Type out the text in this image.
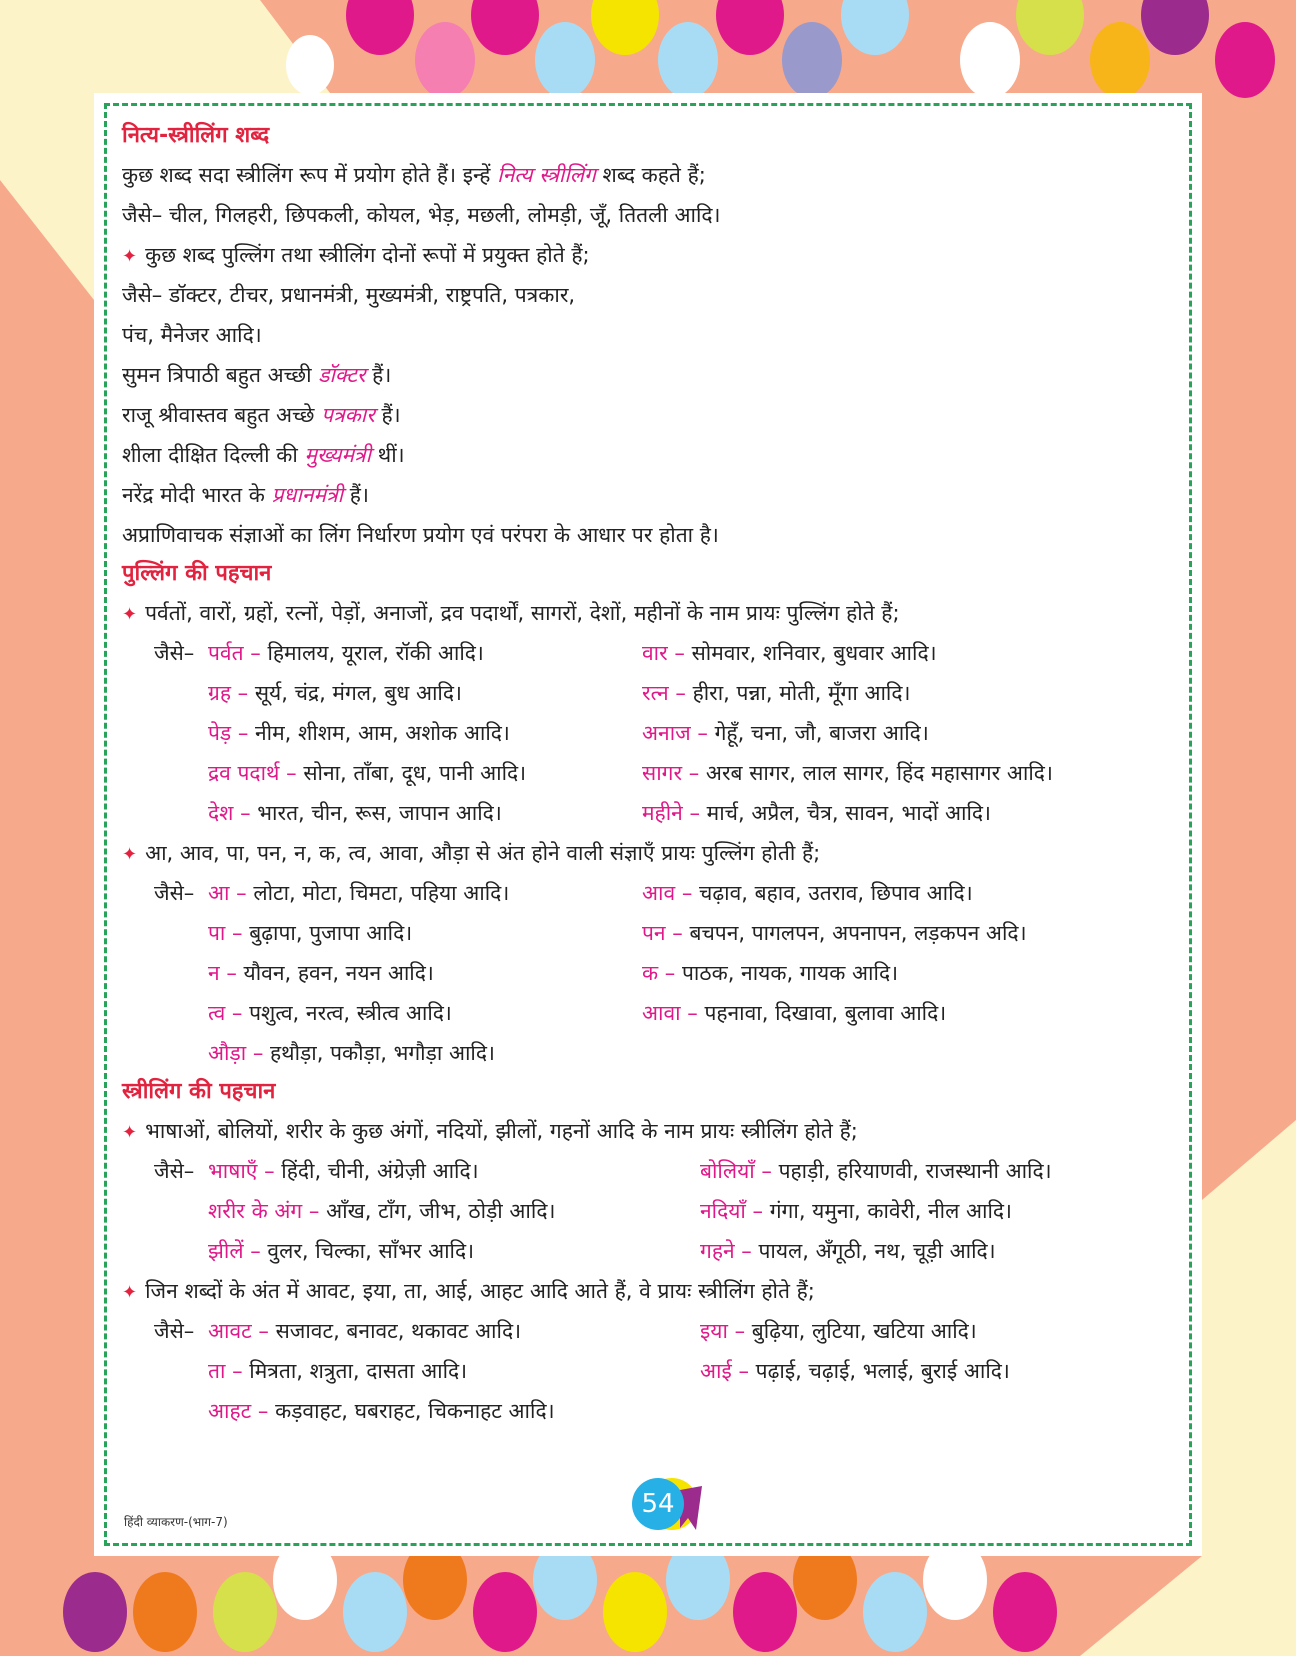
नित्य-स्त्रीलिंग शब्द
कुछ शब्द सदा स्त्रीलिंग रूप में प्रयोग होते हैं। इन्हें नित्य स्त्रीलिंग शब्द कहते हैं;
जैसे– चील, गिलहरी, छिपकली, कोयल, भेड़, मछली, लोमड़ी, जूँ, तितली आदि।
✦ कुछ शब्द पुल्लिंग तथा स्त्रीलिंग दोनों रूपों में प्रयुक्त होते हैं;
जैसे– डॉक्टर, टीचर, प्रधानमंत्री, मुख्यमंत्री, राष्ट्रपति, पत्रकार,
पंच, मैनेजर आदि।
सुमन त्रिपाठी बहुत अच्छी डॉक्टर हैं।
राजू श्रीवास्तव बहुत अच्छे पत्रकार हैं।
शीला दीक्षित दिल्ली की मुख्यमंत्री थीं।
नरेंद्र मोदी भारत के प्रधानमंत्री हैं।
अप्राणिवाचक संज्ञाओं का लिंग निर्धारण प्रयोग एवं परंपरा के आधार पर होता है।
पुल्लिंग की पहचान
✦ पर्वतों, वारों, ग्रहों, रत्नों, पेड़ों, अनाजों, द्रव पदार्थों, सागरों, देशों, महीनों के नाम प्रायः पुल्लिंग होते हैं;
जैसे– पर्वत – हिमालय, यूराल, रॉकी आदि।	वार – सोमवार, शनिवार, बुधवार आदि।
ग्रह – सूर्य, चंद्र, मंगल, बुध आदि।	रत्न – हीरा, पन्ना, मोती, मूँगा आदि।
पेड़ – नीम, शीशम, आम, अशोक आदि।	अनाज – गेहूँ, चना, जौ, बाजरा आदि।
द्रव पदार्थ – सोना, ताँबा, दूध, पानी आदि।	सागर – अरब सागर, लाल सागर, हिंद महासागर आदि।
देश – भारत, चीन, रूस, जापान आदि।	महीने – मार्च, अप्रैल, चैत्र, सावन, भादों आदि।
✦ आ, आव, पा, पन, न, क, त्व, आवा, औड़ा से अंत होने वाली संज्ञाएँ प्रायः पुल्लिंग होती हैं;
जैसे– आ – लोटा, मोटा, चिमटा, पहिया आदि।	आव – चढ़ाव, बहाव, उतराव, छिपाव आदि।
पा – बुढ़ापा, पुजापा आदि।	पन – बचपन, पागलपन, अपनापन, लड़कपन अदि।
न – यौवन, हवन, नयन आदि।	क – पाठक, नायक, गायक आदि।
त्व – पशुत्व, नरत्व, स्त्रीत्व आदि।	आवा – पहनावा, दिखावा, बुलावा आदि।
औड़ा – हथौड़ा, पकौड़ा, भगौड़ा आदि।
स्त्रीलिंग की पहचान
✦ भाषाओं, बोलियों, शरीर के कुछ अंगों, नदियों, झीलों, गहनों आदि के नाम प्रायः स्त्रीलिंग होते हैं;
जैसे– भाषाएँ – हिंदी, चीनी, अंग्रेज़ी आदि।	बोलियाँ – पहाड़ी, हरियाणवी, राजस्थानी आदि।
शरीर के अंग – आँख, टाँग, जीभ, ठोड़ी आदि।	नदियाँ – गंगा, यमुना, कावेरी, नील आदि।
झीलें – वुलर, चिल्का, साँभर आदि।	गहने – पायल, अँगूठी, नथ, चूड़ी आदि।
✦ जिन शब्दों के अंत में आवट, इया, ता, आई, आहट आदि आते हैं, वे प्रायः स्त्रीलिंग होते हैं;
जैसे– आवट – सजावट, बनावट, थकावट आदि।	इया – बुढ़िया, लुटिया, खटिया आदि।
ता – मित्रता, शत्रुता, दासता आदि।	आई – पढ़ाई, चढ़ाई, भलाई, बुराई आदि।
आहट – कड़वाहट, घबराहट, चिकनाहट आदि।
हिंदी व्याकरण-(भाग-7)
54
